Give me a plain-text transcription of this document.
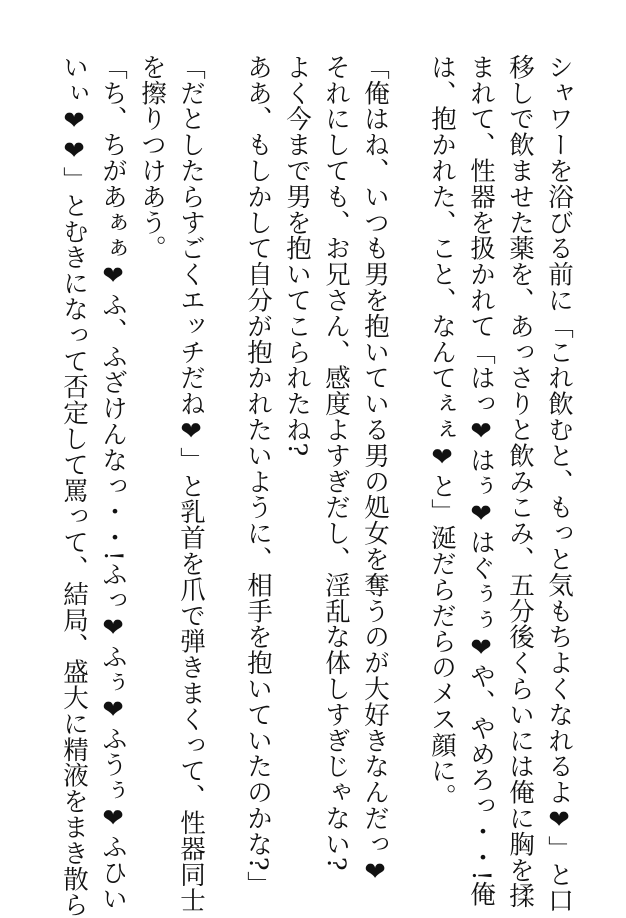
シャワーを浴びる前に「これ飲むと、もっと気もちよくなれるよ❤」と口
移しで飲ませた薬を、あっさりと飲みこみ、五分後くらいには俺に胸を揉
まれて、性器を扱かれて「はっ❤はぅ❤はぐぅぅ❤や、やめろっ・・!俺
は、抱かれた、こと、なんてぇぇ❤と」涎だらだらのメス顔に。
「俺はね、いつも男を抱いている男の処女を奪うのが大好きなんだっ❤
それにしても、お兄さん、感度よすぎだし、淫乱な体しすぎじゃない?
よく今まで男を抱いてこられたね?
ああ、もしかして自分が抱かれたいように、相手を抱いていたのかな?」
「だとしたらすごくエッチだね❤」と乳首を爪で弾きまくって、性器同士
を擦りつけあう。
「ち、ちがあぁぁ❤ふ、ふざけんなっ・・!ふっ❤ふぅ❤ふうぅ❤ふひい
いぃ❤❤」とむきになって否定して罵って、結局、盛大に精液をまき散ら
